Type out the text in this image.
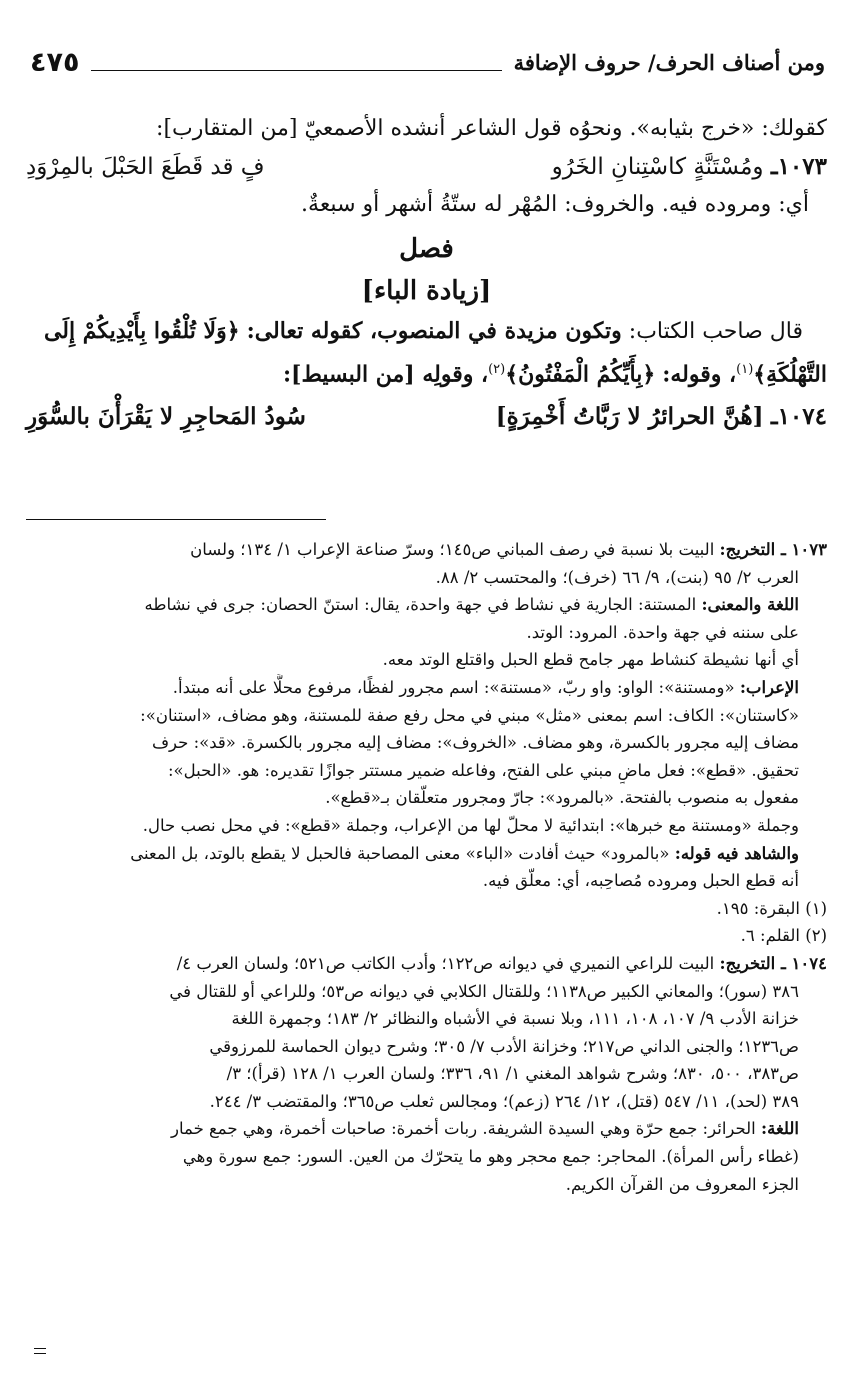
ومن أصناف الحرف/ حروف الإضافة
٤٧٥
كقولك: «خرج بثيابه». ونحوُه قول الشاعر أنشده الأصمعيّ [من المتقارب]:
١٠٧٣ـ ومُسْتَنَّةٍ كاسْتِنانِ الخَرُو
فٍ قد قَطَعَ الحَبْلَ بالمِرْوَدِ
أي: ومروده فيه. والخروف: المُهْر له ستّةُ أشهر أو سبعةٌ.
فصل
[زيادة الباء]
قال صاحب الكتاب: وتكون مزيدة في المنصوب، كقوله تعالى: ﴿وَلَا تُلْقُوا بِأَيْدِيكُمْ إِلَى
التَّهْلُكَةِ﴾$^{(١)}$، وقوله: ﴿بِأَيِّكُمُ الْمَفْتُونُ﴾$^{(٢)}$، وقولِه [من البسيط]:
١٠٧٤ـ [هُنَّ الحرائرُ لا رَبَّاتُ أَخْمِرَةٍ]
سُودُ المَحاجِرِ لا يَقْرَأْنَ بالسُّوَرِ
١٠٧٣ ـ التخريج: البيت بلا نسبة في رصف المباني ص١٤٥؛ وسرّ صناعة الإعراب ١/ ١٣٤؛ ولسان
العرب ٢/ ٩٥ (بنت)، ٩/ ٦٦ (خرف)؛ والمحتسب ٢/ ٨٨.
اللغة والمعنى: المستنة: الجارية في نشاط في جهة واحدة، يقال: استنّ الحصان: جرى في نشاطه
على سننه في جهة واحدة. المرود: الوتد.
أي أنها نشيطة كنشاط مهر جامح قطع الحبل واقتلع الوتد معه.
الإعراب: «ومستنة»: الواو: واو ربّ، «مستنة»: اسم مجرور لفظًا، مرفوع محلًّا على أنه مبتدأ.
«كاستنان»: الكاف: اسم بمعنى «مثل» مبني في محل رفع صفة للمستنة، وهو مضاف، «استنان»:
مضاف إليه مجرور بالكسرة، وهو مضاف. «الخروف»: مضاف إليه مجرور بالكسرة. «قد»: حرف
تحقيق. «قطع»: فعل ماضٍ مبني على الفتح، وفاعله ضمير مستتر جوازًا تقديره: هو. «الحبل»:
مفعول به منصوب بالفتحة. «بالمرود»: جارّ ومجرور متعلّقان بـ«قطع».
وجملة «ومستنة مع خبرها»: ابتدائية لا محلّ لها من الإعراب، وجملة «قطع»: في محل نصب حال.
والشاهد فيه قوله: «بالمرود» حيث أفادت «الباء» معنى المصاحبة فالحبل لا يقطع بالوتد، بل المعنى
أنه قطع الحبل ومروده مُصاحِبه، أي: معلّق فيه.
(١) البقرة: ١٩٥.
(٢) القلم: ٦.
١٠٧٤ ـ التخريج: البيت للراعي النميري في ديوانه ص١٢٢؛ وأدب الكاتب ص٥٢١؛ ولسان العرب ٤/
٣٨٦ (سور)؛ والمعاني الكبير ص١١٣٨؛ وللقتال الكلابي في ديوانه ص٥٣؛ وللراعي أو للقتال في
خزانة الأدب ٩/ ١٠٧، ١٠٨، ١١١، وبلا نسبة في الأشباه والنظائر ٢/ ١٨٣؛ وجمهرة اللغة
ص١٢٣٦؛ والجنى الداني ص٢١٧؛ وخزانة الأدب ٧/ ٣٠٥؛ وشرح ديوان الحماسة للمرزوقي
ص٣٨٣، ٥٠٠، ٨٣٠؛ وشرح شواهد المغني ١/ ٩١، ٣٣٦؛ ولسان العرب ١/ ١٢٨ (قرأ)؛ ٣/
٣٨٩ (لحد)، ١١/ ٥٤٧ (قتل)، ١٢/ ٢٦٤ (زعم)؛ ومجالس ثعلب ص٣٦٥؛ والمقتضب ٣/ ٢٤٤.
اللغة: الحرائر: جمع حرّة وهي السيدة الشريفة. ربات أخمرة: صاحبات أخمرة، وهي جمع خمار
(غطاء رأس المرأة). المحاجر: جمع محجر وهو ما يتحرّك من العين. السور: جمع سورة وهي
الجزء المعروف من القرآن الكريم.
